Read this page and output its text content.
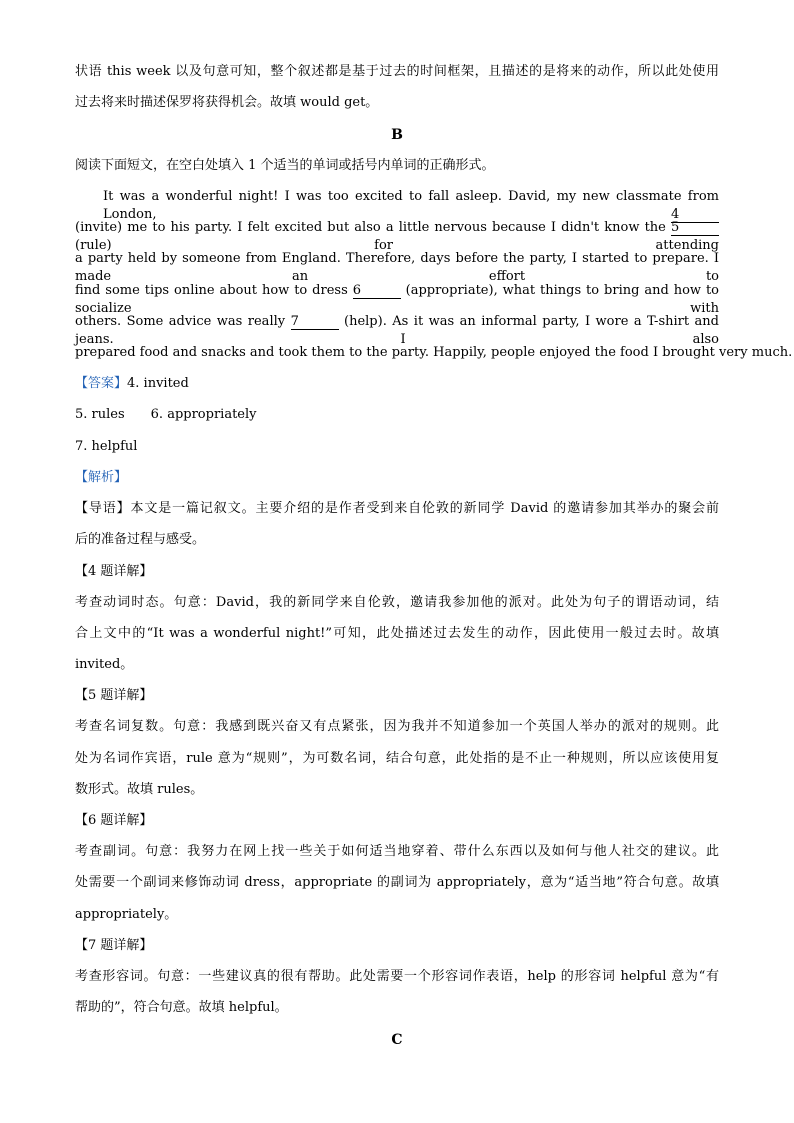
状语 this week 以及句意可知，整个叙述都是基于过去的时间框架，且描述的是将来的动作，所以此处使用
过去将来时描述保罗将获得机会。故填 would get。
B
阅读下面短文，在空白处填入 1 个适当的单词或括号内单词的正确形式。
It was a wonderful night! I was too excited to fall asleep. David, my new classmate from London,	4
(invite) me to his party. I felt excited but also a little nervous because I didn't know the 5 (rule) for attending
a party held by someone from England. Therefore, days before the party, I started to prepare. I made an effort to
find some tips online about how to dress 6	(appropriate), what things to bring and how to socialize with
others. Some advice was really 7	(help). As it was an informal party, I wore a T-shirt and jeans. I also
prepared food and snacks and took them to the party. Happily, people enjoyed the food I brought very much.
【答案】4. invited
5. rules 6. appropriately
7. helpful
【解析】
【导语】本文是一篇记叙文。主要介绍的是作者受到来自伦敦的新同学 David 的邀请参加其举办的聚会前
后的准备过程与感受。
【4 题详解】
考查动词时态。句意：David，我的新同学来自伦敦，邀请我参加他的派对。此处为句子的谓语动词，结
合上文中的“It was a wonderful night!”可知，此处描述过去发生的动作，因此使用一般过去时。故填
invited。
【5 题详解】
考查名词复数。句意：我感到既兴奋又有点紧张，因为我并不知道参加一个英国人举办的派对的规则。此
处为名词作宾语，rule 意为“规则”，为可数名词，结合句意，此处指的是不止一种规则，所以应该使用复
数形式。故填 rules。
【6 题详解】
考查副词。句意：我努力在网上找一些关于如何适当地穿着、带什么东西以及如何与他人社交的建议。此
处需要一个副词来修饰动词 dress，appropriate 的副词为 appropriately，意为“适当地”符合句意。故填
appropriately。
【7 题详解】
考查形容词。句意：一些建议真的很有帮助。此处需要一个形容词作表语，help 的形容词 helpful 意为“有
帮助的”，符合句意。故填 helpful。
C
